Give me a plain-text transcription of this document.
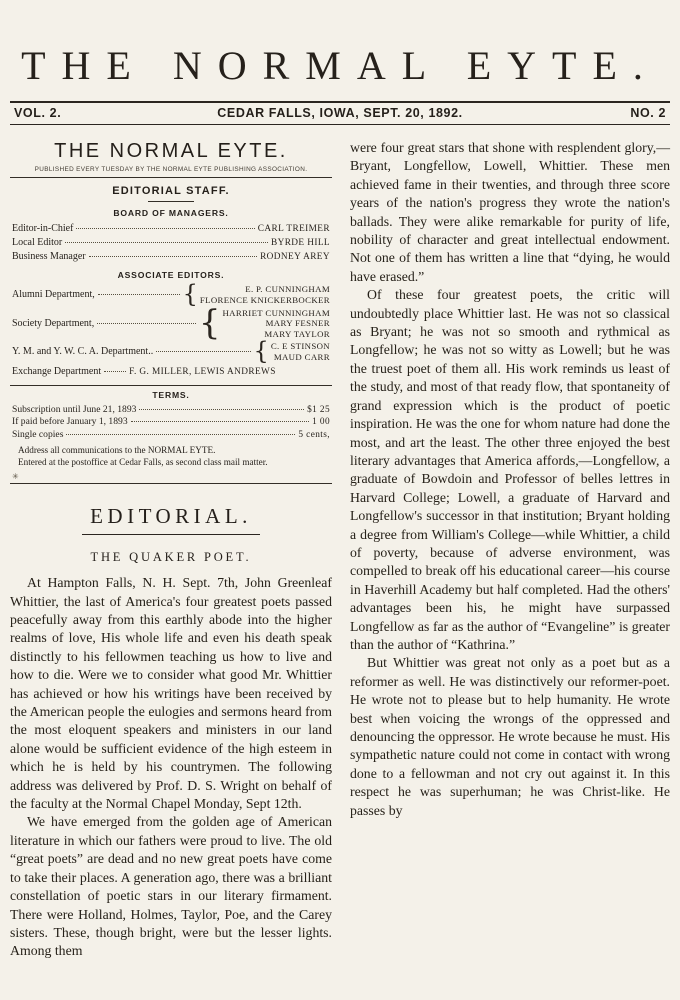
THE NORMAL EYTE.
VOL. 2.	CEDAR FALLS, IOWA, SEPT. 20, 1892.	NO. 2
THE NORMAL EYTE.
PUBLISHED EVERY TUESDAY BY THE NORMAL EYTE PUBLISHING ASSOCIATION.
EDITORIAL STAFF.
BOARD OF MANAGERS.
Editor-in-Chief	CARL TREIMER
Local Editor	BYRDE HILL
Business Manager	RODNEY AREY
ASSOCIATE EDITORS.
Alumni Department,	{	E. P. CUNNINGHAM
FLORENCE KNICKERBOCKER
Society Department,	{ HARRIET CUNNINGHAM
MARY FESNER
MARY TAYLOR
Y. M. and Y. W. C. A. Department..	{ C. E STINSON
MAUD CARR
Exchange Department	F. G. MILLER, LEWIS ANDREWS
TERMS.
Subscription until June 21, 1893	$1 25
If paid before January 1, 1893	1 00
Single copies	5 cents,
Address all communications to the NORMAL EYTE.
Entered at the postoffice at Cedar Falls, as second class mail matter.
✳
EDITORIAL.
THE QUAKER POET.

At Hampton Falls, N. H. Sept. 7th, John Greenleaf Whittier, the last of America's four greatest poets passed peacefully away from this earthly abode into the higher realms of love, His whole life and even his death speak distinctly to his fellowmen teaching us how to live and how to die. Were we to consider what good Mr. Whittier has achieved or how his writings have been received by the American people the eulogies and sermons heard from the most eloquent speakers and ministers in our land alone would be sufficient evidence of the high esteem in which he is held by his countrymen. The following address was delivered by Prof. D. S. Wright on behalf of the faculty at the Normal Chapel Monday, Sept 12th.

We have emerged from the golden age of American literature in which our fathers were proud to live. The old “great poets” are dead and no new great poets have come to take their places. A generation ago, there was a brilliant constellation of poetic stars in our literary firmament. There were Holland, Holmes, Taylor, Poe, and the Carey sisters. These, though bright, were but the lesser lights. Among them

were four great stars that shone with resplendent glory,—Bryant, Longfellow, Lowell, Whittier. These men achieved fame in their twenties, and through three score years of the nation's progress they wrote the nation's ballads. They were alike remarkable for purity of life, nobility of character and great intellectual endowment. Not one of them has written a line that “dying, he would have erased.”

Of these four greatest poets, the critic will undoubtedly place Whittier last. He was not so classical as Bryant; he was not so smooth and rythmical as Longfellow; he was not so witty as Lowell; but he was the truest poet of them all. His work reminds us least of the study, and most of that ready flow, that spontaneity of grand expression which is the product of poetic inspiration. He was the one for whom nature had done the most, and art the least. The other three enjoyed the best literary advantages that America affords,—Longfellow, a graduate of Bowdoin and Professor of belles lettres in Harvard College; Lowell, a graduate of Harvard and Longfellow's successor in that institution; Bryant holding a degree from William's College—while Whittier, a child of poverty, because of adverse environment, was compelled to break off his educational career—his course in Haverhill Academy but half completed. Had the others' advantages been his, he might have surpassed Longfellow as far as the author of “Evangeline” is greater than the author of “Kathrina.”

But Whittier was great not only as a poet but as a reformer as well. He was distinctively our reformer-poet. He wrote not to please but to help humanity. He wrote best when voicing the wrongs of the oppressed and denouncing the oppressor. He wrote because he must. His sympathetic nature could not come in contact with wrong done to a fellowman and not cry out against it. In this respect he was superhuman; he was Christ-like. He passes by
